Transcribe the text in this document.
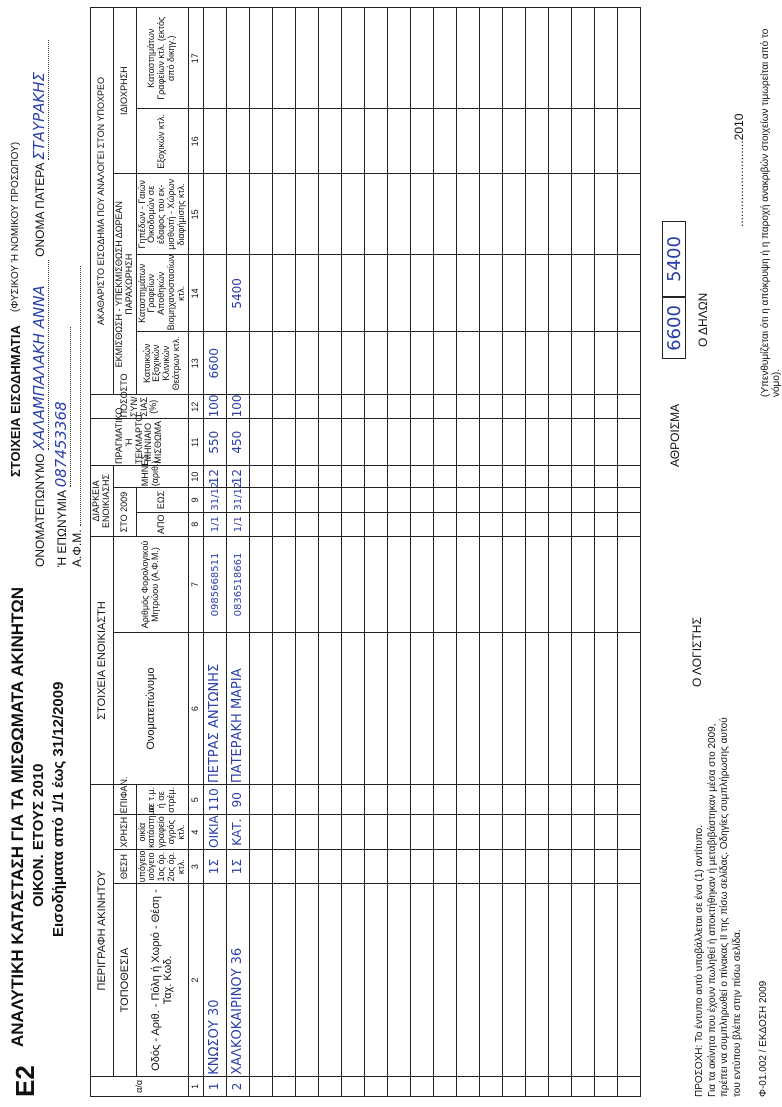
Ε2
ΑΝΑΛΥΤΙΚΗ ΚΑΤΑΣΤΑΣΗ ΓΙΑ ΤΑ ΜΙΣΘΩΜΑΤΑ ΑΚΙΝΗΤΩΝ ΟΙΚΟΝ. ΕΤΟΥΣ 2010 Εισοδήματα από 1/1 έως 31/12/2009
ΣΤΟΙΧΕΙΑ ΕΙΣΟΔΗΜΑΤΙΑ
(ΦΥΣΙΚΟΥ Ή ΝΟΜΙΚΟΥ ΠΡΟΣΩΠΟΥ)
ΟΝΟΜΑΤΕΠΩΝΥΜΟ ΧΑΛΑΜΠΑΛΑΚΗ ΑΝΝΑ ΟΝΟΜΑ ΠΑΤΕΡΑ ΣΤΑΥΡΑΚΗΣ
Ή ΕΠΩΝΥΜΙΑ 087453368
Α.Φ.Μ.
α/α	ΠΕΡΙΓΡΑΦΗ ΑΚΙΝΗΤΟΥ				ΣΤΟΙΧΕΙΑ ΕΝΟΙΚΙΑΣΤΗ		ΔΙΑΡΚΕΙΑ ΕΝΟΙΚΙΑΣΗΣ			ΠΡΑΓΜΑΤΙΚΟ Ή ΤΕΚΜΑΡΤΟ ΜΗΝΙΑΙΟ ΜΙΣΘΩΜΑ	ΠΟΣΟΣΤΟ ΣΥΝ/ΣΙΑΣ (%)	ΑΚΑΘΑΡΙΣΤΟ ΕΙΣΟΔΗΜΑ ΠΟΥ ΑΝΑΛΟΓΕΙ ΣΤΟΝ ΥΠΟΧΡΕΟ				
	ΤΟΠΟΘΕΣΙΑ	ΘΕΣΗ	ΧΡΗΣΗ	ΕΠΙΦΑΝ.	Ονοματεπώνυμο	Αριθμός Φορολογικού Μητρώου (Α.Φ.Μ.)	ΣΤΟ 2009		ΜΗΝΕΣ (αριθ.)			ΕΚΜΙΣΘΩΣΗ - ΥΠΕΚΜΙΣΘΩΣΗ ΔΩΡΕΑΝ ΠΑΡΑΧΩΡΗΣΗ			ΙΔΙΟΧΡΗΣΗ	
	Οδός - Αριθ. - Πόλη ή Χωριό - Θέση - Ταχ. Κωδ.	υπόγειο ισόγειο 1ος όρ. 2ος όρ. κτλ.	οικία κατάστημα γραφείο αγρός κτλ.	σε τ.μ. ή σε στρέμ.			ΑΠΟ	ΕΩΣ				Κατοικιών Εξοχικών Κλινικών Θεάτρων κτλ.	Καταστημάτων Γραφείων Αποθηκών Βιομηχανοστασίων κτλ.	Γηπέδων - Γαιών Οικοδομών σε έδαφος του εκ- μισθωτή - Χώρων διαφήμισης κτλ.	Εξοχικών κτλ.	Καταστημάτων Γραφείων κτλ. (εκτός από δικηγ.)

1	2	3	4	5	6	7	8	9	10	11	12	13	14	15	16	17
1	ΚΝΩΣΟΥ 30	1Σ	ΟΙΚΙΑ	110	ΠΕΤΡΑΣ ΑΝΤΩΝΗΣ	0985668511	1/1	31/12	12	550	100	6600				
2	ΧΑΛΚΟΚΑΙΡΙΝΟΥ 36	1Σ	ΚΑΤ.	90	ΠΑΤΕΡΑΚΗ ΜΑΡΙΑ	0836518661	1/1	31/12	12	450	100		5400			

ΠΡΟΣΟΧΗ: Το έντυπο αυτό υποβάλλεται σε ένα (1) αντίτυπο. Για τα ακίνητα που έχουν πωληθεί ή αποκτήθηκαν ή μεταβιβάστηκαν μέσα στο 2009, πρέπει να συμπληρωθεί ο πίνακας II της πίσω σελίδας. Οδηγίες συμπλήρωσης αυτού του εντύπου βλέπε στην πίσω σελίδα.
Ο ΛΟΓΙΣΤΗΣ
ΑΘΡΟΙΣΜΑ
6600
5400
Ο ΔΗΛΩΝ
..........................2010
Φ-01.002 / ΕΚΔΟΣΗ 2009
(Υπενθυμίζεται ότι η απόκρυψη ή η παροχή ανακριβών στοιχείων τιμωρείται από το νόμο).
